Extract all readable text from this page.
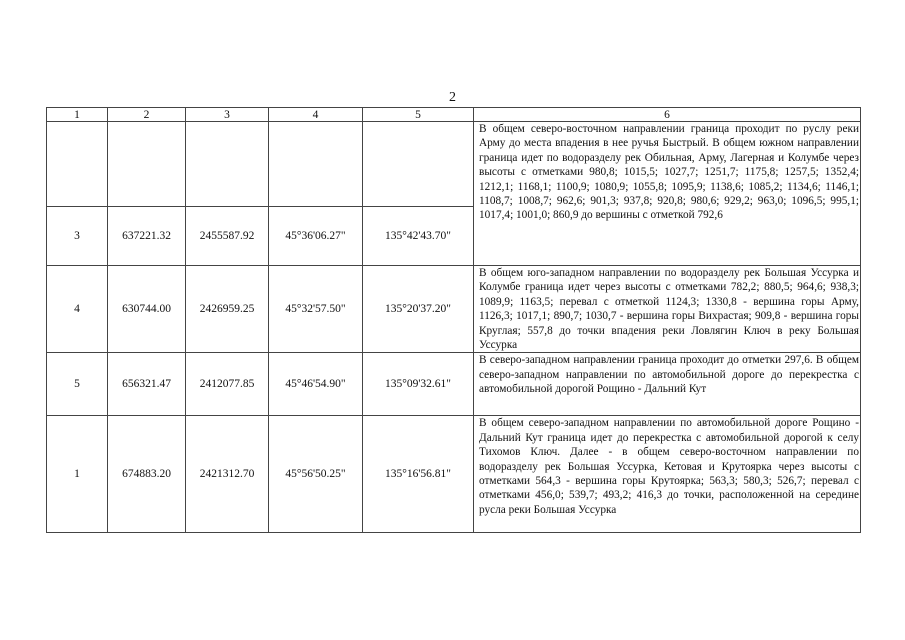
2
1	2	3	4	5	6
					В общем северо-восточном направлении граница проходит по руслу реки Арму до места впадения в нее ручья Быстрый. В общем южном направлении граница идет по водоразделу рек Обильная, Арму, Лагерная и Колумбе через высоты с отметками 980,8; 1015,5; 1027,7; 1251,7; 1175,8; 1257,5; 1352,4; 1212,1; 1168,1; 1100,9; 1080,9; 1055,8; 1095,9; 1138,6; 1085,2; 1134,6; 1146,1; 1108,7; 1008,7; 962,6; 901,3; 937,8; 920,8; 980,6; 929,2; 963,0; 1096,5; 995,1; 1017,4; 1001,0; 860,9 до вершины с отметкой 792,6
3	637221.32	2455587.92	45°36'06.27"	135°42'43.70"	
4	630744.00	2426959.25	45°32'57.50"	135°20'37.20"	В общем юго-западном направлении по водоразделу рек Большая Уссурка и Колумбе граница идет через высоты с отметками 782,2; 880,5; 964,6; 938,3; 1089,9; 1163,5; перевал с отметкой 1124,3; 1330,8 - вершина горы Арму, 1126,3; 1017,1; 890,7; 1030,7 - вершина горы Вихрастая; 909,8 - вершина горы Круглая; 557,8 до точки впадения реки Ловлягин Ключ в реку Большая Уссурка
5	656321.47	2412077.85	45°46'54.90"	135°09'32.61"	В северо-западном направлении граница проходит до отметки 297,6. В общем северо-западном направлении по автомобильной дороге до перекрестка с автомобильной дорогой Рощино - Дальний Кут
1	674883.20	2421312.70	45°56'50.25"	135°16'56.81"	В общем северо-западном направлении по автомобильной дороге Рощино - Дальний Кут граница идет до перекрестка с автомобильной дорогой к селу Тихомов Ключ. Далее - в общем северо-восточном направлении по водоразделу рек Большая Уссурка, Кетовая и Крутоярка через высоты с отметками 564,3 - вершина горы Крутоярка; 563,3; 580,3; 526,7; перевал с отметками 456,0; 539,7; 493,2; 416,3 до точки, расположенной на середине русла реки Большая Уссурка
